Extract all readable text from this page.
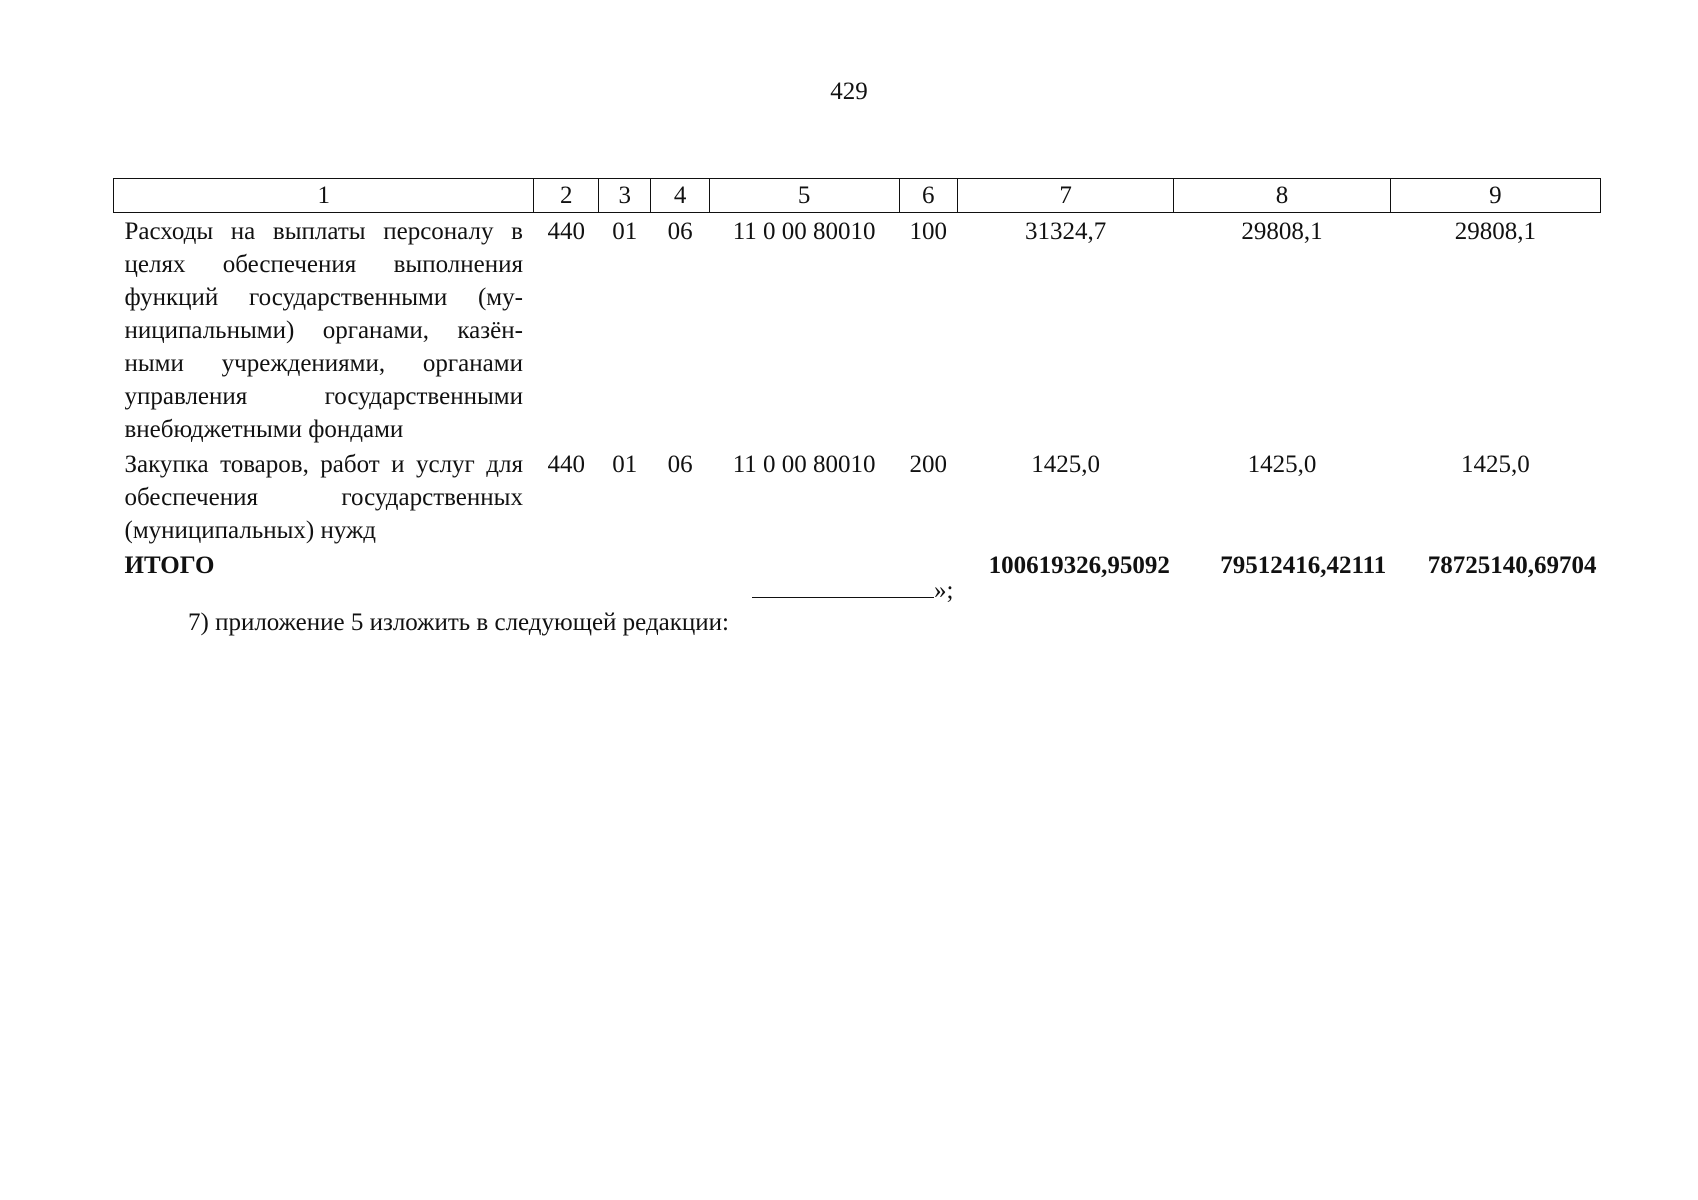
429
1	2	3	4	5	6	7	8	9
Расходы на выплаты персоналу в целях обеспечения выполнения функций государственными (муниципальными) органами, казёнными учреждениями, органами управления государственными внебюджетными фондами	440	01	06	11 0 00 80010	100	31324,7	29808,1	29808,1
Закупка товаров, работ и услуг для обеспечения государственных (муниципальных) нужд	440	01	06	11 0 00 80010	200	1425,0	1425,0	1425,0
ИТОГО						100619326,95092	79512416,42111	78725140,69704
»;
7) приложение 5 изложить в следующей редакции:
